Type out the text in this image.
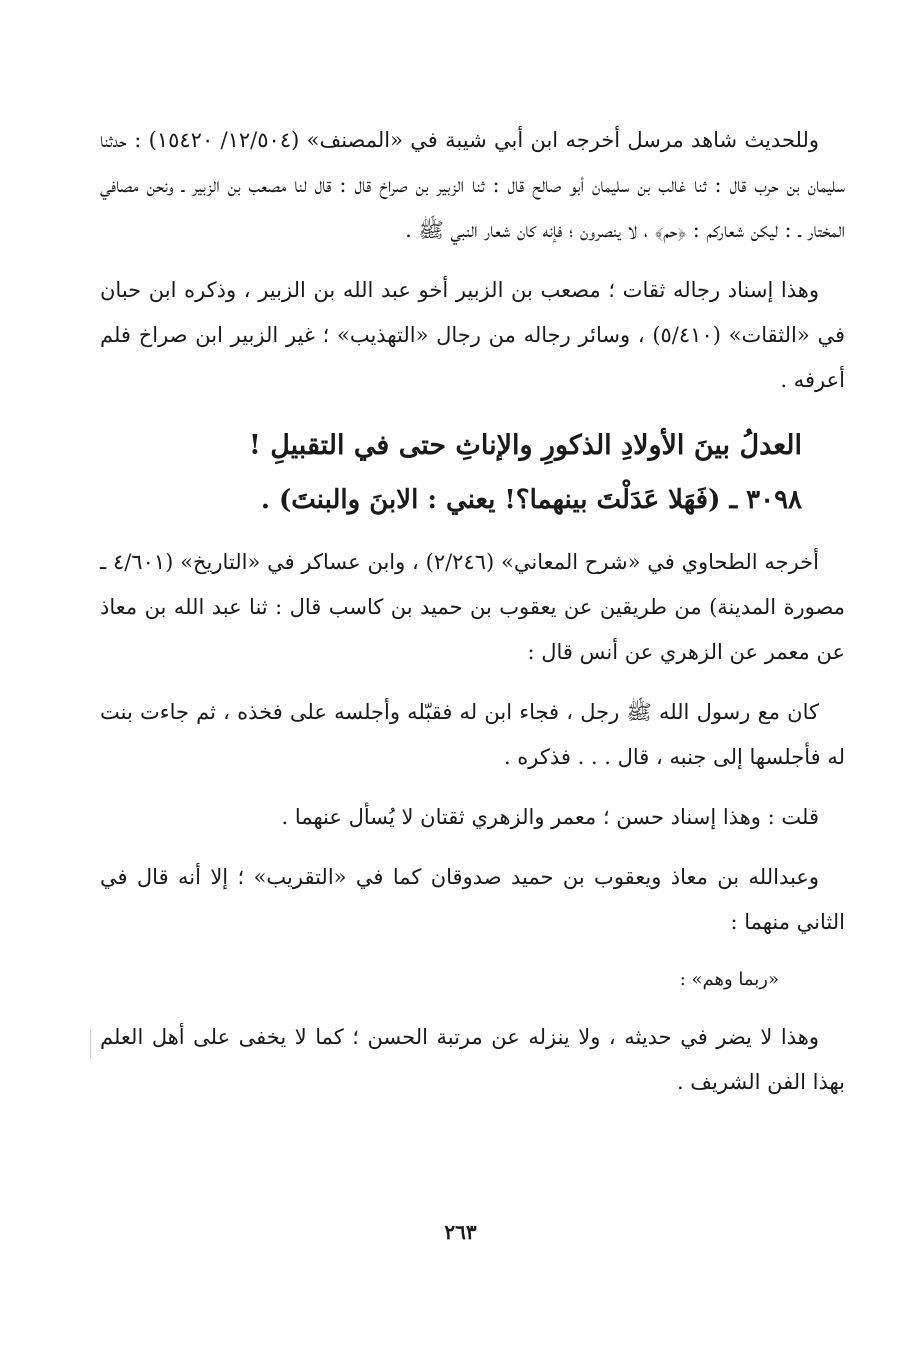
وللحديث شاهد مرسل أخرجه ابن أبي شيبة في «المصنف» (١٢/٥٠٤/ ١٥٤٢٠) : حدثنا سليمان بن حرب قال : ثنا غالب بن سليمان أبو صالح قال : ثنا الزبير بن صراخ قال : قال لنا مصعب بن الزبير ـ ونحن مصافي المختار ـ : ليكن شعاركم : ﴿حم﴾ ، لا ينصرون ؛ فإنه كان شعار النبي ﷺ .

وهذا إسناد رجاله ثقات ؛ مصعب بن الزبير أخو عبد الله بن الزبير ، وذكره ابن حبان في «الثقات» (٥/٤١٠) ، وسائر رجاله من رجال «التهذيب» ؛ غير الزبير ابن صراخ فلم أعرفه .

العدلُ بينَ الأولادِ الذكورِ والإناثِ حتى في التقبيلِ !
٣٠٩٨ ـ (فَهَلا عَدَلْتَ بينهما؟! يعني : الابنَ والبنتَ) .

أخرجه الطحاوي في «شرح المعاني» (٢/٢٤٦) ، وابن عساكر في «التاريخ» (٤/٦٠١ ـ مصورة المدينة) من طريقين عن يعقوب بن حميد بن كاسب قال : ثنا عبد الله بن معاذ عن معمر عن الزهري عن أنس قال :

كان مع رسول الله ﷺ رجل ، فجاء ابن له فقبّله وأجلسه على فخذه ، ثم جاءت بنت له فأجلسها إلى جنبه ، قال . . . فذكره .

قلت : وهذا إسناد حسن ؛ معمر والزهري ثقتان لا يُسأل عنهما .

وعبدالله بن معاذ ويعقوب بن حميد صدوقان كما في «التقريب» ؛ إلا أنه قال في الثاني منهما :

«ربما وهم» :

وهذا لا يضر في حديثه ، ولا ينزله عن مرتبة الحسن ؛ كما لا يخفى على أهل العلم بهذا الفن الشريف .

٢٦٣
